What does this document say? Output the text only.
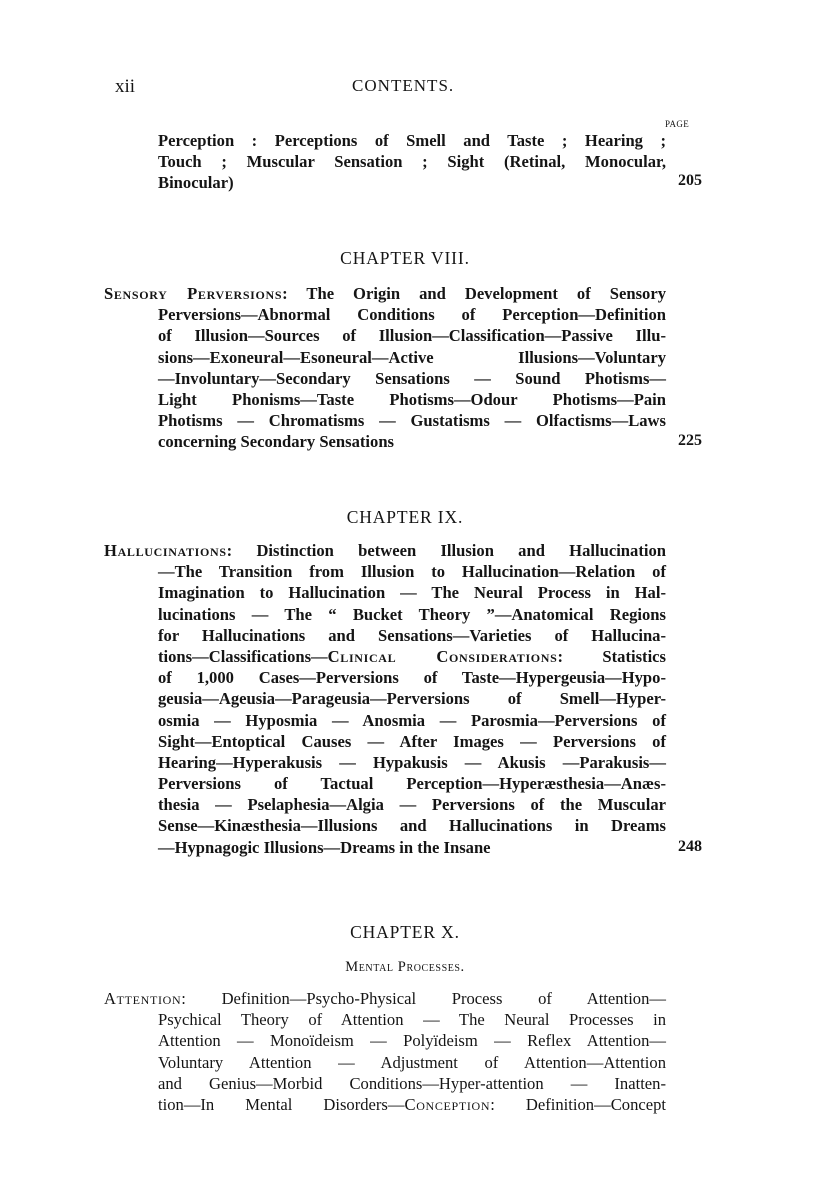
xii	CONTENTS.
PAGE
Perception : Perceptions of Smell and Taste ; Hearing ;
Touch ; Muscular Sensation ; Sight (Retinal, Monocular,
Binocular)	205
CHAPTER VIII.
Sensory Perversions: The Origin and Development of Sensory
Perversions—Abnormal Conditions of Perception—Definition
of Illusion—Sources of Illusion—Classification—Passive Illu-
sions—Exoneural—Esoneural—Active Illusions—Voluntary
—Involuntary—Secondary Sensations — Sound Photisms—
Light Phonisms—Taste Photisms—Odour Photisms—Pain
Photisms — Chromatisms — Gustatisms — Olfactisms—Laws
concerning Secondary Sensations	225
CHAPTER IX.
Hallucinations: Distinction between Illusion and Hallucination
—The Transition from Illusion to Hallucination—Relation of
Imagination to Hallucination — The Neural Process in Hal-
lucinations — The “ Bucket Theory ”—Anatomical Regions
for Hallucinations and Sensations—Varieties of Hallucina-
tions—Classifications—Clinical Considerations: Statistics
of 1,000 Cases—Perversions of Taste—Hypergeusia—Hypo-
geusia—Ageusia—Parageusia—Perversions of Smell—Hyper-
osmia — Hyposmia — Anosmia — Parosmia—Perversions of
Sight—Entoptical Causes — After Images — Perversions of
Hearing—Hyperakusis — Hypakusis — Akusis —Parakusis—
Perversions of Tactual Perception—Hyperæsthesia—Anæs-
thesia — Pselaphesia—Algia — Perversions of the Muscular
Sense—Kinæsthesia—Illusions and Hallucinations in Dreams
—Hypnagogic Illusions—Dreams in the Insane	248
CHAPTER X.
Mental Processes.
Attention: Definition—Psycho-Physical Process of Attention—
Psychical Theory of Attention — The Neural Processes in
Attention — Monoïdeism — Polyïdeism — Reflex Attention—
Voluntary Attention — Adjustment of Attention—Attention
and Genius—Morbid Conditions—Hyper-attention — Inatten-
tion—In Mental Disorders—Conception: Definition—Concept
